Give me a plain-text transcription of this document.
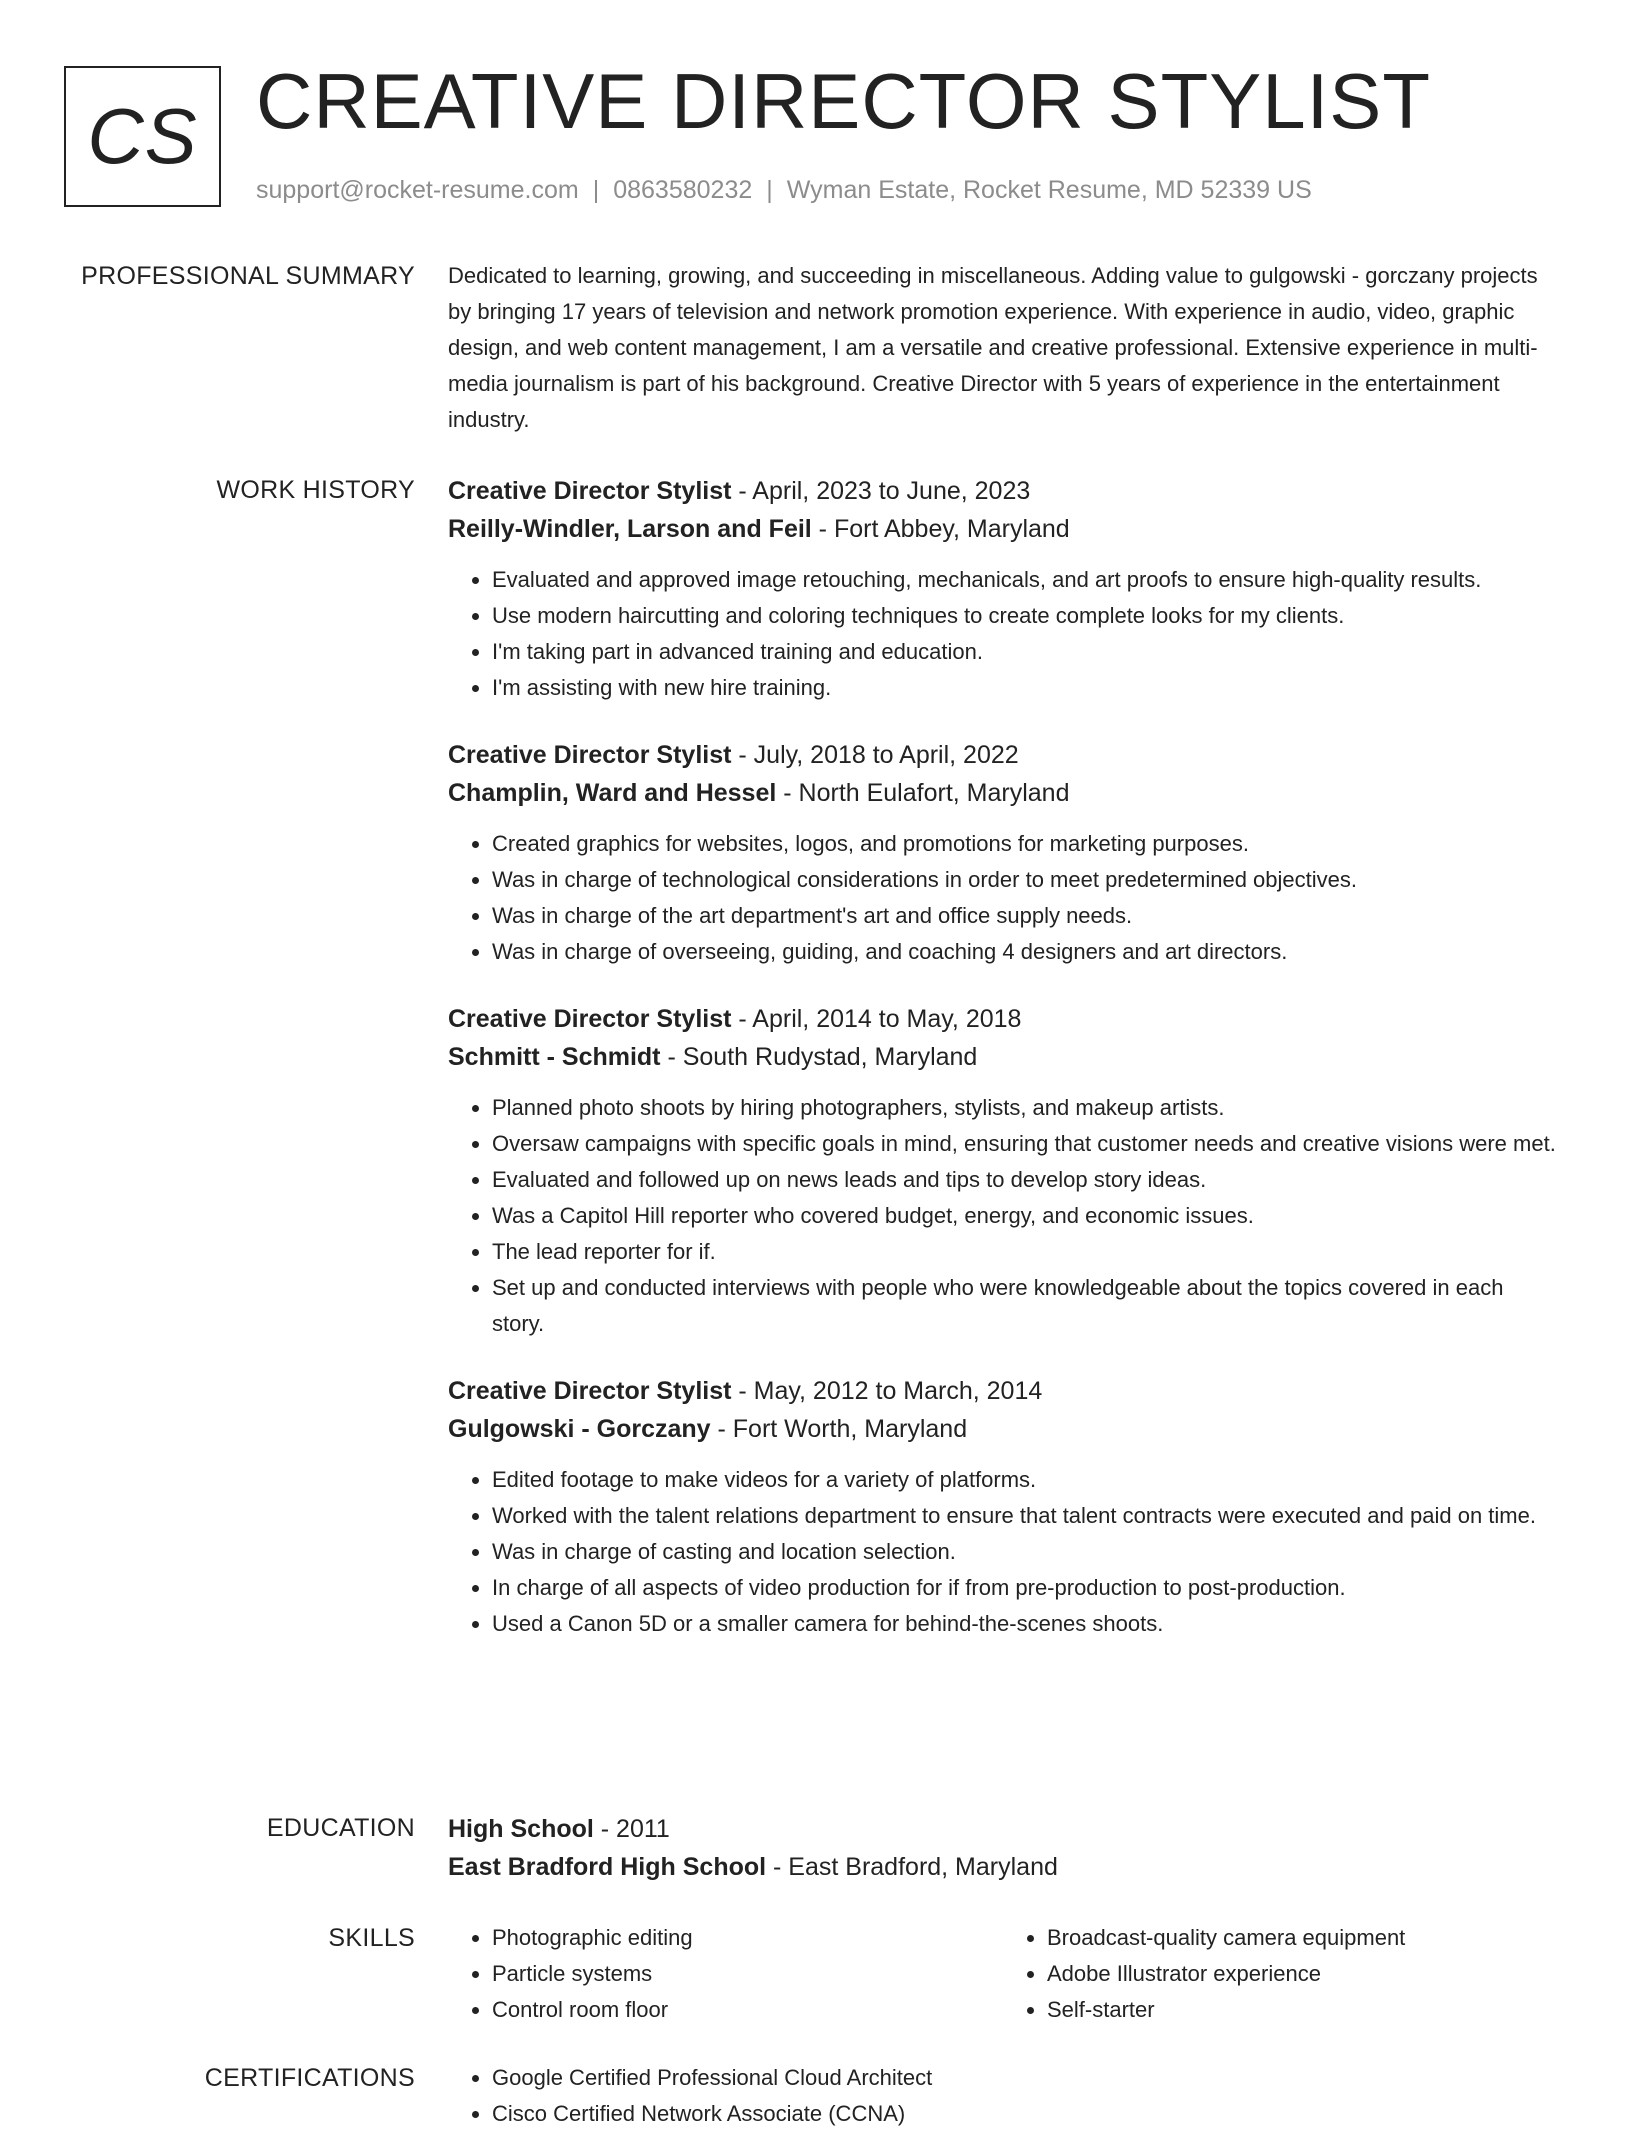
CS CREATIVE DIRECTOR STYLIST
support@rocket-resume.com | 0863580232 | Wyman Estate, Rocket Resume, MD 52339 US
PROFESSIONAL SUMMARY Dedicated to learning, growing, and succeeding in miscellaneous. Adding value to gulgowski - gorczany projects by bringing 17 years of television and network promotion experience. With experience in audio, video, graphic design, and web content management, I am a versatile and creative professional. Extensive experience in multi-media journalism is part of his background. Creative Director with 5 years of experience in the entertainment industry.

WORK HISTORY Creative Director Stylist - April, 2023 to June, 2023
Reilly-Windler, Larson and Feil - Fort Abbey, Maryland
• Evaluated and approved image retouching, mechanicals, and art proofs to ensure high-quality results.
• Use modern haircutting and coloring techniques to create complete looks for my clients.
• I'm taking part in advanced training and education.
• I'm assisting with new hire training.
Creative Director Stylist - July, 2018 to April, 2022
Champlin, Ward and Hessel - North Eulafort, Maryland
• Created graphics for websites, logos, and promotions for marketing purposes.
• Was in charge of technological considerations in order to meet predetermined objectives.
• Was in charge of the art department's art and office supply needs.
• Was in charge of overseeing, guiding, and coaching 4 designers and art directors.
Creative Director Stylist - April, 2014 to May, 2018
Schmitt - Schmidt - South Rudystad, Maryland
• Planned photo shoots by hiring photographers, stylists, and makeup artists.
• Oversaw campaigns with specific goals in mind, ensuring that customer needs and creative visions were met.
• Evaluated and followed up on news leads and tips to develop story ideas.
• Was a Capitol Hill reporter who covered budget, energy, and economic issues.
• The lead reporter for if.
• Set up and conducted interviews with people who were knowledgeable about the topics covered in each story.
Creative Director Stylist - May, 2012 to March, 2014
Gulgowski - Gorczany - Fort Worth, Maryland
• Edited footage to make videos for a variety of platforms.
• Worked with the talent relations department to ensure that talent contracts were executed and paid on time.
• Was in charge of casting and location selection.
• In charge of all aspects of video production for if from pre-production to post-production.
• Used a Canon 5D or a smaller camera for behind-the-scenes shoots.
EDUCATION High School - 2011
East Bradford High School - East Bradford, Maryland
SKILLS	• Photographic editing
• Particle systems
• Control room floor
• Broadcast-quality camera equipment
• Adobe Illustrator experience
• Self-starter
CERTIFICATIONS	• Google Certified Professional Cloud Architect
• Cisco Certified Network Associate (CCNA)
